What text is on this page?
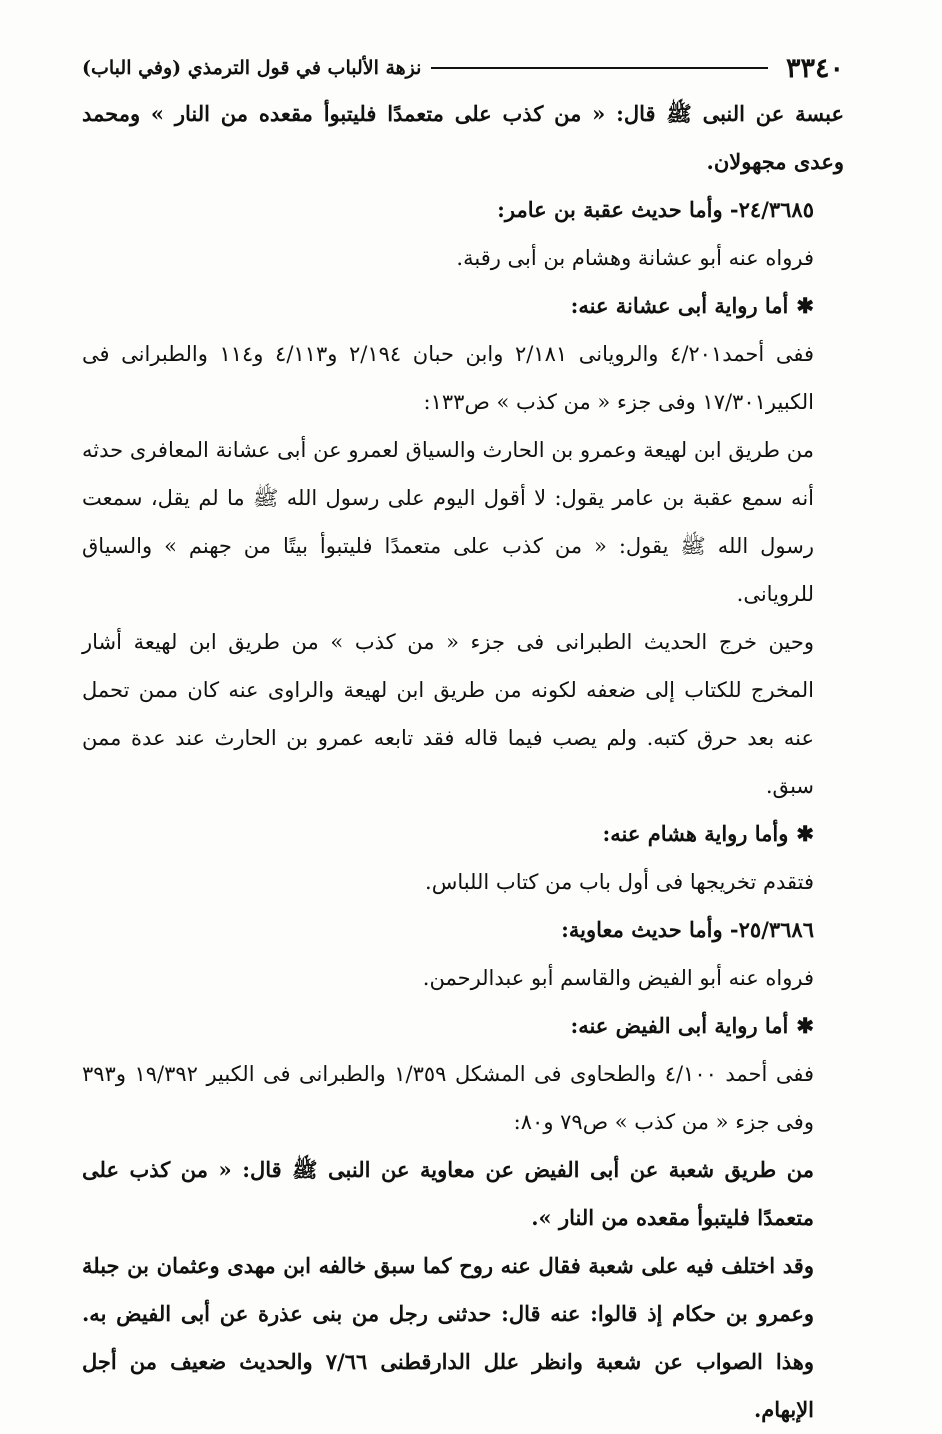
٣٣٤٠
نزهة الألباب في قول الترمذي (وفي الباب)

عبسة عن النبى ﷺ قال: « من كذب على متعمدًا فليتبوأ مقعده من النار » ومحمد وعدى مجهولان.

٢٤/٣٦٨٥- وأما حديث عقبة بن عامر:

فرواه عنه أبو عشانة وهشام بن أبى رقبة.

✱أما رواية أبى عشانة عنه:

ففى أحمد٤/٢٠١ والرويانى ٢/١٨١ وابن حبان ٢/١٩٤ و٤/١١٣ و١١٤ والطبرانى فى الكبير١٧/٣٠١ وفى جزء « من كذب » ص١٣٣:

من طريق ابن لهيعة وعمرو بن الحارث والسياق لعمرو عن أبى عشانة المعافرى حدثه أنه سمع عقبة بن عامر يقول: لا أقول اليوم على رسول الله ﷺ ما لم يقل، سمعت رسول الله ﷺ يقول: « من كذب على متعمدًا فليتبوأ بيتًا من جهنم » والسياق للرويانى.

وحين خرج الحديث الطبرانى فى جزء « من كذب » من طريق ابن لهيعة أشار المخرج للكتاب إلى ضعفه لكونه من طريق ابن لهيعة والراوى عنه كان ممن تحمل عنه بعد حرق كتبه. ولم يصب فيما قاله فقد تابعه عمرو بن الحارث عند عدة ممن سبق.

✱وأما رواية هشام عنه:

فتقدم تخريجها فى أول باب من كتاب اللباس.

٢٥/٣٦٨٦- وأما حديث معاوية:

فرواه عنه أبو الفيض والقاسم أبو عبدالرحمن.

✱أما رواية أبى الفيض عنه:

ففى أحمد ٤/١٠٠ والطحاوى فى المشكل ١/٣٥٩ والطبرانى فى الكبير ١٩/٣٩٢ و٣٩٣ وفى جزء « من كذب » ص٧٩ و٨٠:

من طريق شعبة عن أبى الفيض عن معاوية عن النبى ﷺ قال: « من كذب على متعمدًا فليتبوأ مقعده من النار ».

وقد اختلف فيه على شعبة فقال عنه روح كما سبق خالفه ابن مهدى وعثمان بن جبلة وعمرو بن حكام إذ قالوا: عنه قال: حدثنى رجل من بنى عذرة عن أبى الفيض به. وهذا الصواب عن شعبة وانظر علل الدارقطنى ٧/٦٦ والحديث ضعيف من أجل الإبهام.
